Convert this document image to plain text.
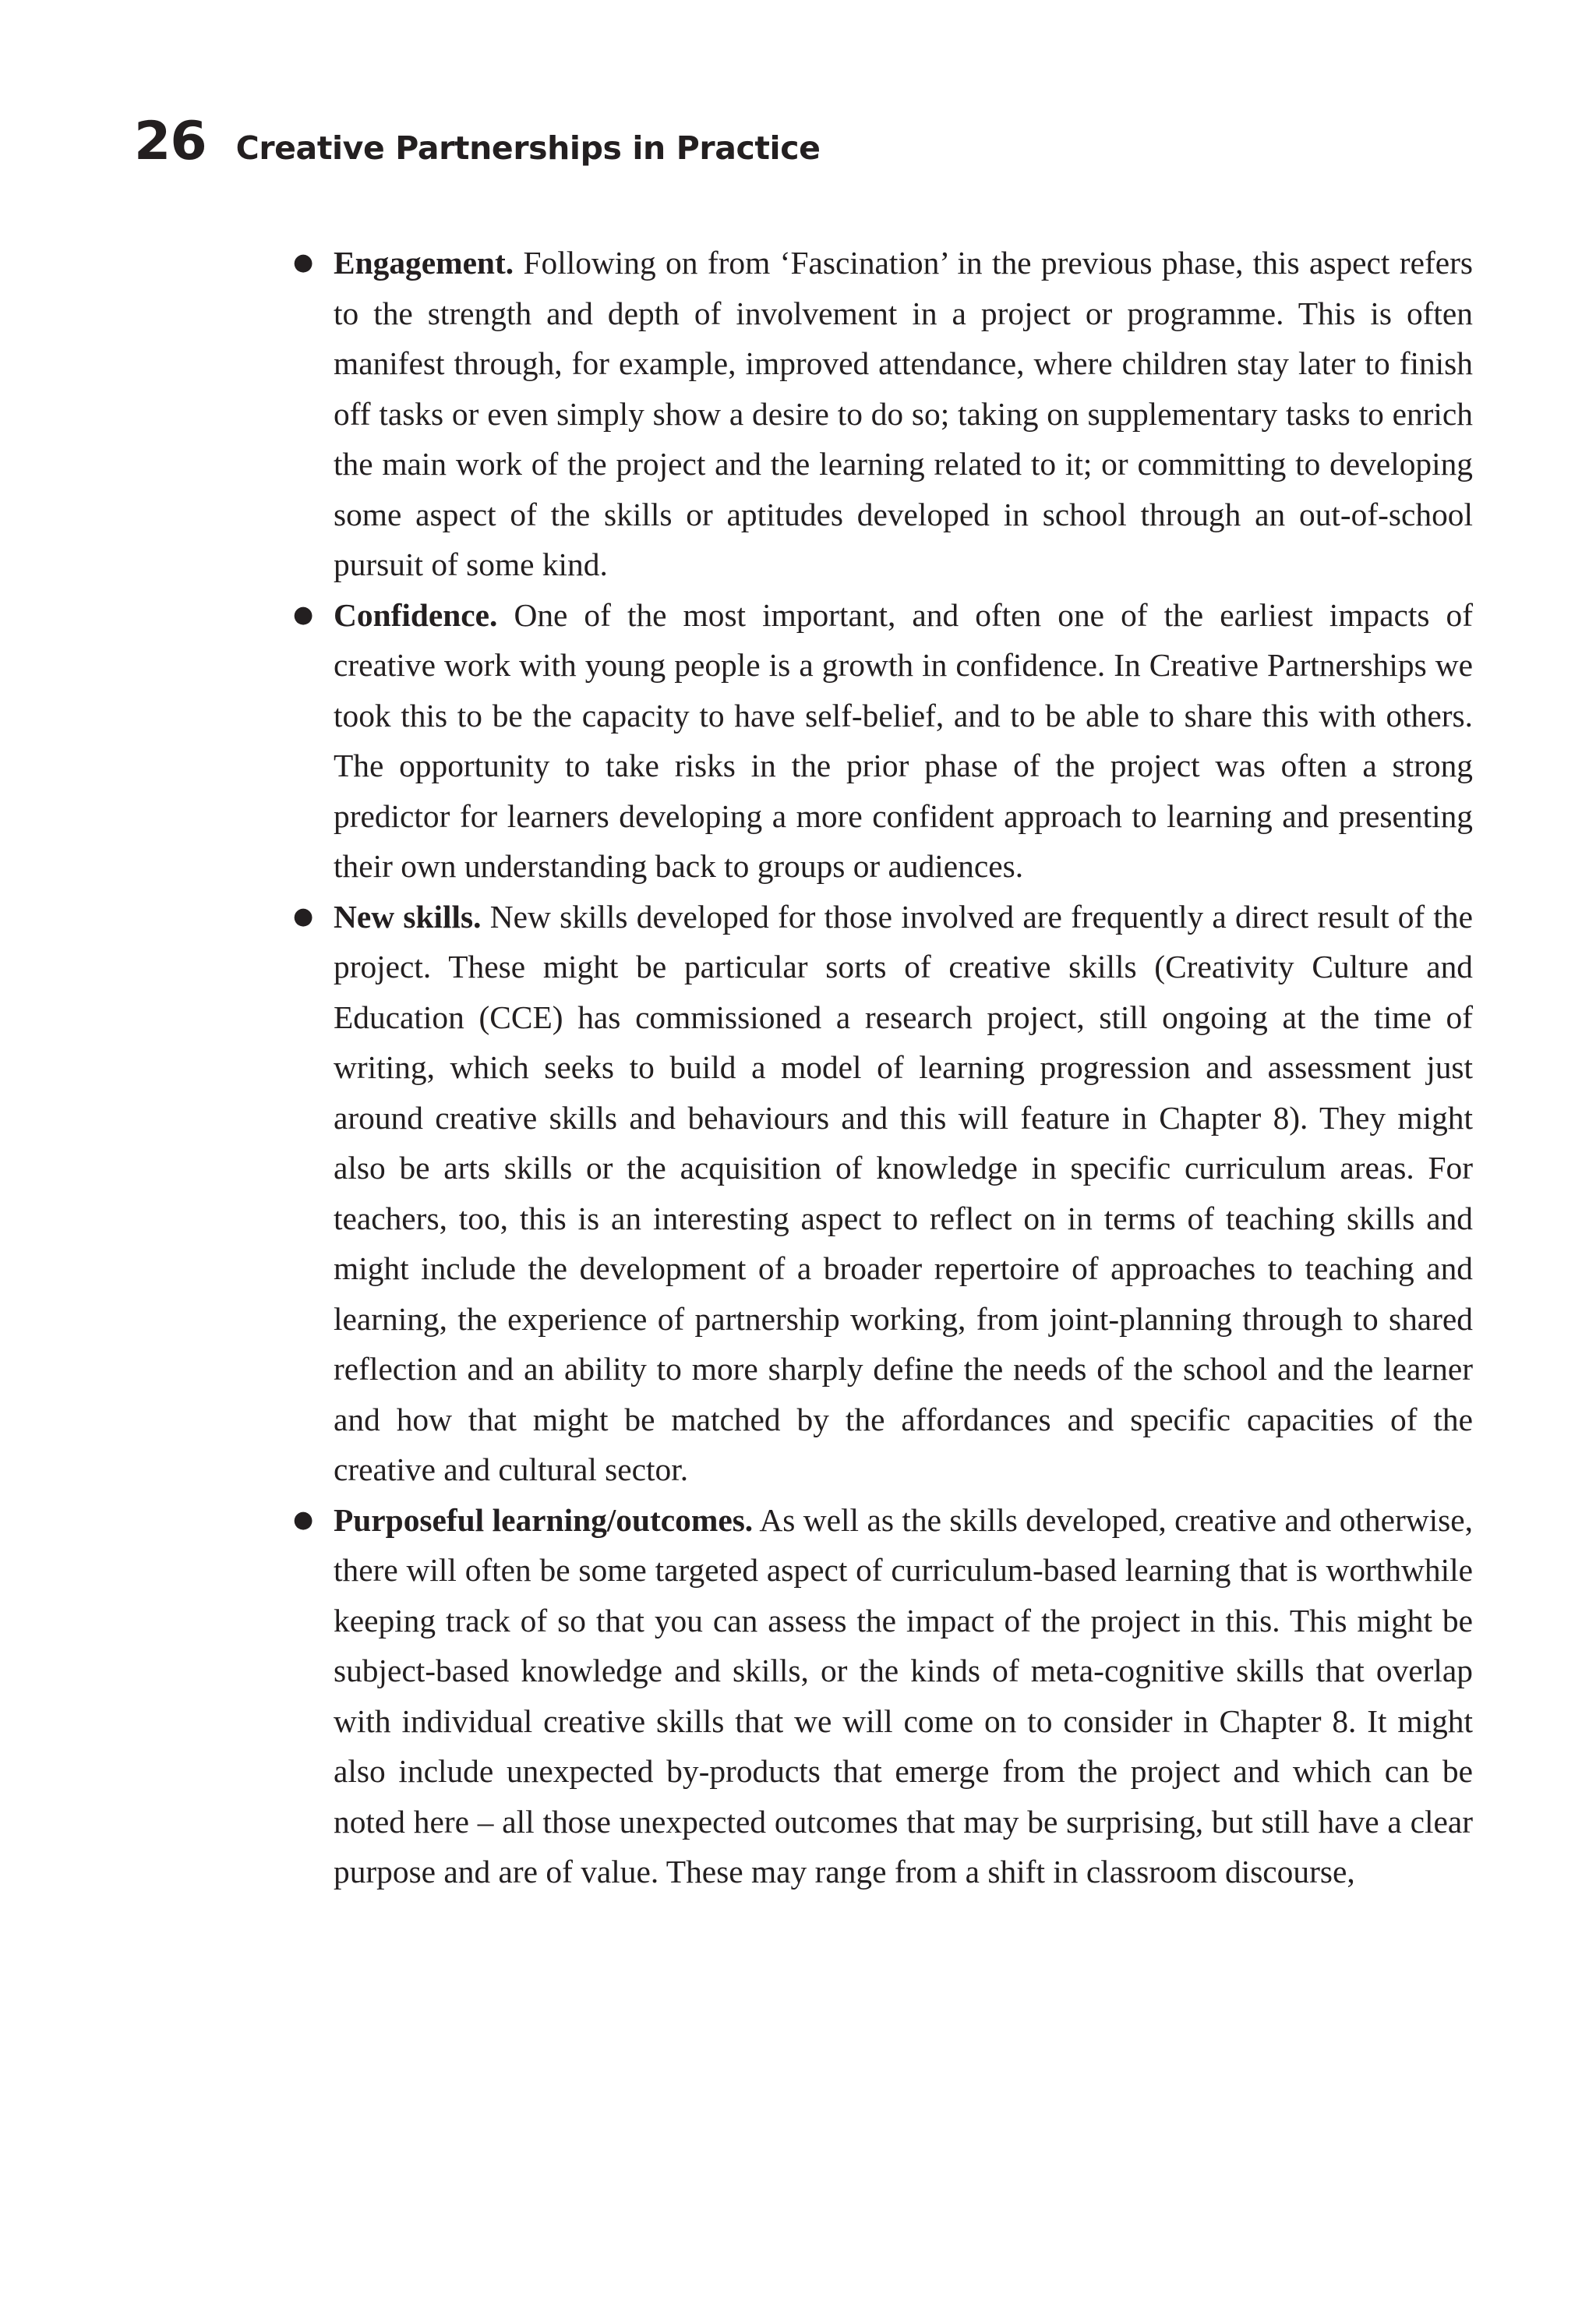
26 Creative Partnerships in Practice
● Engagement. Following on from ‘Fascination’ in the previous phase, this aspect refers to the strength and depth of involvement in a project or programme. This is often manifest through, for example, improved attendance, where children stay later to finish off tasks or even simply show a desire to do so; taking on supplementary tasks to enrich the main work of the project and the learning related to it; or committing to developing some aspect of the skills or aptitudes developed in school through an out-of-school pursuit of some kind.
● Confidence. One of the most important, and often one of the earliest impacts of creative work with young people is a growth in confidence. In Creative Partnerships we took this to be the capacity to have self-belief, and to be able to share this with others. The opportunity to take risks in the prior phase of the project was often a strong predictor for learners developing a more confident approach to learning and presenting their own understanding back to groups or audiences.
● New skills. New skills developed for those involved are frequently a direct result of the project. These might be particular sorts of creative skills (Creativity Culture and Education (CCE) has commissioned a research project, still ongoing at the time of writing, which seeks to build a model of learning progression and assessment just around creative skills and behaviours and this will feature in Chapter 8). They might also be arts skills or the acquisition of knowledge in specific curriculum areas. For teachers, too, this is an interesting aspect to reflect on in terms of teaching skills and might include the development of a broader repertoire of approaches to teaching and learning, the experience of partnership working, from joint-planning through to shared reflection and an ability to more sharply define the needs of the school and the learner and how that might be matched by the affordances and specific capacities of the creative and cultural sector.
● Purposeful learning/outcomes. As well as the skills developed, creative and otherwise, there will often be some targeted aspect of curriculum-based learning that is worthwhile keeping track of so that you can assess the impact of the project in this. This might be subject-based knowledge and skills, or the kinds of meta-cognitive skills that overlap with individual creative skills that we will come on to consider in Chapter 8. It might also include unexpected by-products that emerge from the project and which can be noted here – all those unexpected outcomes that may be surprising, but still have a clear purpose and are of value. These may range from a shift in classroom discourse,
